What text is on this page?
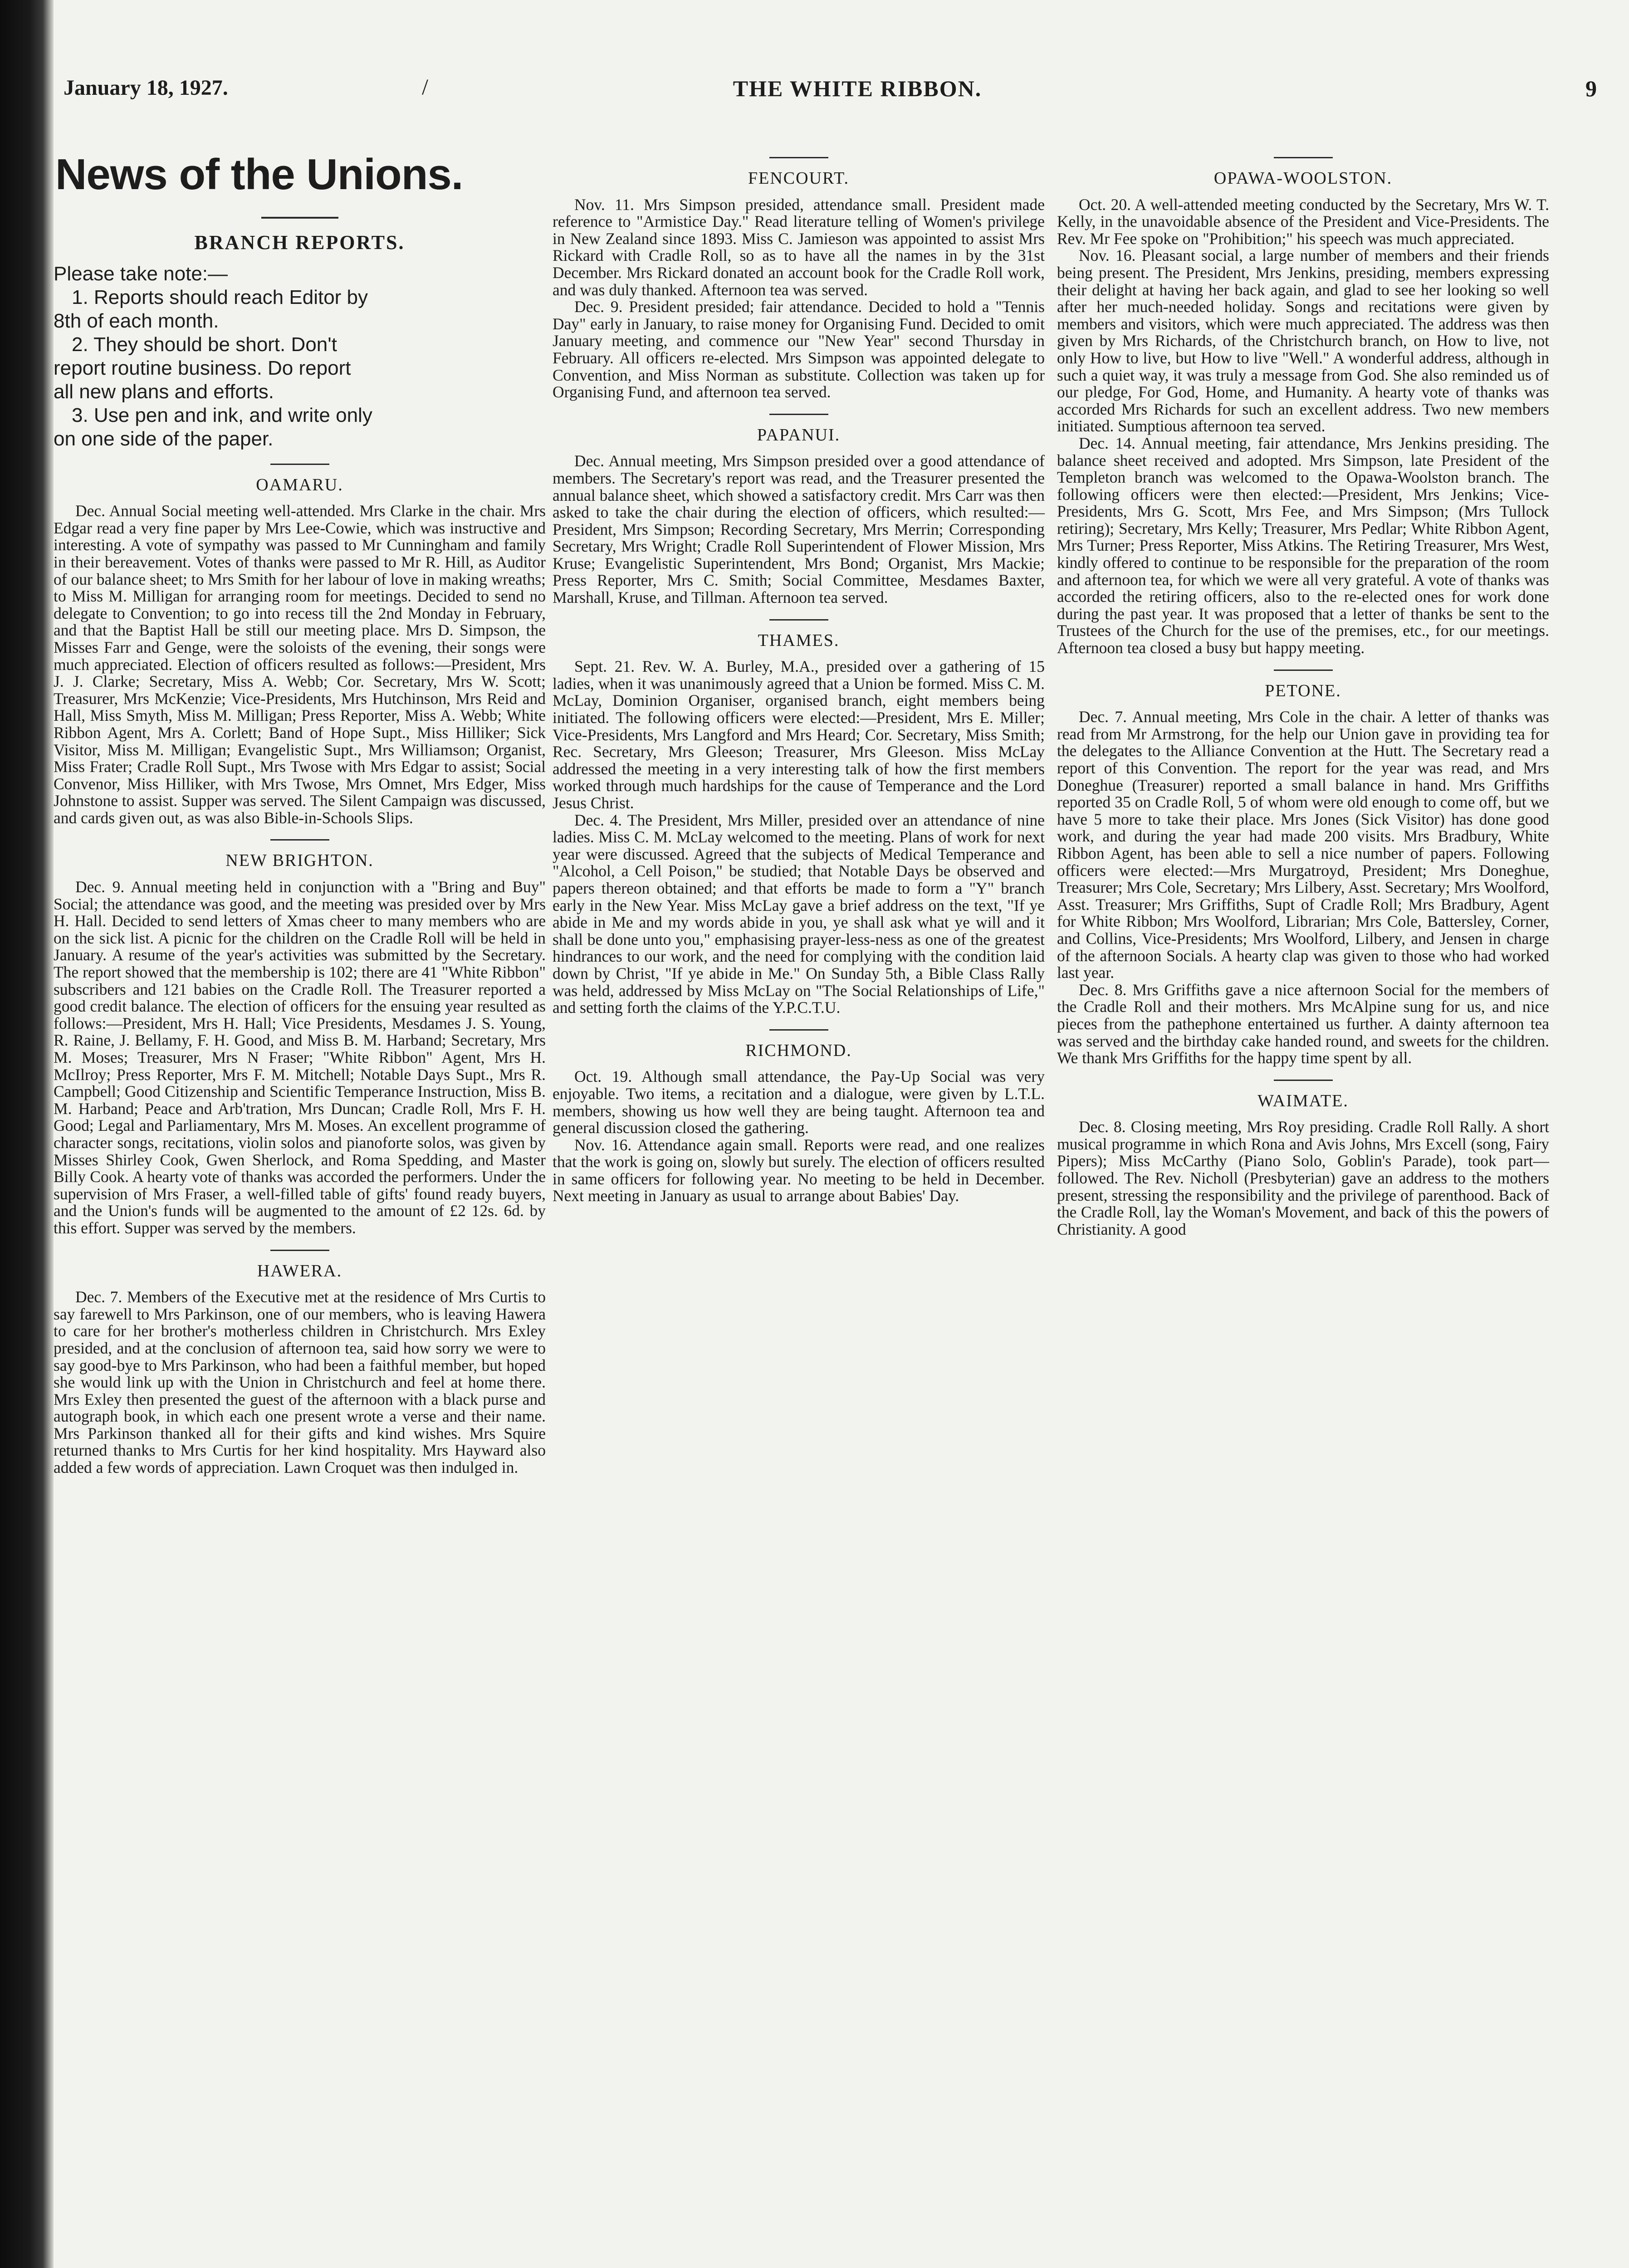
January 18, 1927.	/	THE WHITE RIBBON.	9
News of the Unions.
BRANCH REPORTS.
Please take note:—

1. Reports should reach Editor by
8th of each month.

2. They should be short. Don't
report routine business. Do report
all new plans and efforts.

3. Use pen and ink, and write only
on one side of the paper.

OAMARU.

Dec. Annual Social meeting well-attended. Mrs Clarke in the chair. Mrs Edgar read a very fine paper by Mrs Lee-Cowie, which was instructive and interesting. A vote of sympathy was passed to Mr Cunningham and family in their bereavement. Votes of thanks were passed to Mr R. Hill, as Auditor of our balance sheet; to Mrs Smith for her labour of love in making wreaths; to Miss M. Milligan for arranging room for meetings. Decided to send no delegate to Convention; to go into recess till the 2nd Monday in February, and that the Baptist Hall be still our meeting place. Mrs D. Simpson, the Misses Farr and Genge, were the soloists of the evening, their songs were much appreciated. Election of officers resulted as follows:—President, Mrs J. J. Clarke; Secretary, Miss A. Webb; Cor. Secretary, Mrs W. Scott; Treasurer, Mrs McKenzie; Vice-Presidents, Mrs Hutchinson, Mrs Reid and Hall, Miss Smyth, Miss M. Milligan; Press Reporter, Miss A. Webb; White Ribbon Agent, Mrs A. Corlett; Band of Hope Supt., Miss Hilliker; Sick Visitor, Miss M. Milligan; Evangelistic Supt., Mrs Williamson; Organist, Miss Frater; Cradle Roll Supt., Mrs Twose with Mrs Edgar to assist; Social Convenor, Miss Hilliker, with Mrs Twose, Mrs Omnet, Mrs Edger, Miss Johnstone to assist. Supper was served. The Silent Campaign was discussed, and cards given out, as was also Bible-in-Schools Slips.

NEW BRIGHTON.

Dec. 9. Annual meeting held in conjunction with a "Bring and Buy" Social; the attendance was good, and the meeting was presided over by Mrs H. Hall. Decided to send letters of Xmas cheer to many members who are on the sick list. A picnic for the children on the Cradle Roll will be held in January. A resume of the year's activities was submitted by the Secretary. The report showed that the membership is 102; there are 41 "White Ribbon" subscribers and 121 babies on the Cradle Roll. The Treasurer reported a good credit balance. The election of officers for the ensuing year resulted as follows:—President, Mrs H. Hall; Vice Presidents, Mesdames J. S. Young, R. Raine, J. Bellamy, F. H. Good, and Miss B. M. Harband; Secretary, Mrs M. Moses; Treasurer, Mrs N Fraser; "White Ribbon" Agent, Mrs H. McIlroy; Press Reporter, Mrs F. M. Mitchell; Notable Days Supt., Mrs R. Campbell; Good Citizenship and Scientific Temperance Instruction, Miss B. M. Harband; Peace and Arb'tration, Mrs Duncan; Cradle Roll, Mrs F. H. Good; Legal and Parliamentary, Mrs M. Moses. An excellent programme of character songs, recitations, violin solos and pianoforte solos, was given by Misses Shirley Cook, Gwen Sherlock, and Roma Spedding, and Master Billy Cook. A hearty vote of thanks was accorded the performers. Under the supervision of Mrs Fraser, a well-filled table of gifts' found ready buyers, and the Union's funds will be augmented to the amount of £2 12s. 6d. by this effort. Supper was served by the members.

HAWERA.

Dec. 7. Members of the Executive met at the residence of Mrs Curtis to say farewell to Mrs Parkinson, one of our members, who is leaving Hawera to care for her brother's motherless children in Christchurch. Mrs Exley presided, and at the conclusion of afternoon tea, said how sorry we were to say good-bye to Mrs Parkinson, who had been a faithful member, but hoped she would link up with the Union in Christchurch and feel at home there. Mrs Exley then presented the guest of the afternoon with a black purse and autograph book, in which each one present wrote a verse and their name. Mrs Parkinson thanked all for their gifts and kind wishes. Mrs Squire returned thanks to Mrs Curtis for her kind hospitality. Mrs Hayward also added a few words of appreciation. Lawn Croquet was then indulged in.

FENCOURT.

Nov. 11. Mrs Simpson presided, attendance small. President made reference to "Armistice Day." Read literature telling of Women's privilege in New Zealand since 1893. Miss C. Jamieson was appointed to assist Mrs Rickard with Cradle Roll, so as to have all the names in by the 31st December. Mrs Rickard donated an account book for the Cradle Roll work, and was duly thanked. Afternoon tea was served.

Dec. 9. President presided; fair attendance. Decided to hold a "Tennis Day" early in January, to raise money for Organising Fund. Decided to omit January meeting, and commence our "New Year" second Thursday in February. All officers re-elected. Mrs Simpson was appointed delegate to Convention, and Miss Norman as substitute. Collection was taken up for Organising Fund, and afternoon tea served.

PAPANUI.

Dec. Annual meeting, Mrs Simpson presided over a good attendance of members. The Secretary's report was read, and the Treasurer presented the annual balance sheet, which showed a satisfactory credit. Mrs Carr was then asked to take the chair during the election of officers, which resulted:—President, Mrs Simpson; Recording Secretary, Mrs Merrin; Corresponding Secretary, Mrs Wright; Cradle Roll Superintendent of Flower Mission, Mrs Kruse; Evangelistic Superintendent, Mrs Bond; Organist, Mrs Mackie; Press Reporter, Mrs C. Smith; Social Committee, Mesdames Baxter, Marshall, Kruse, and Tillman. Afternoon tea served.

THAMES.

Sept. 21. Rev. W. A. Burley, M.A., presided over a gathering of 15 ladies, when it was unanimously agreed that a Union be formed. Miss C. M. McLay, Dominion Organiser, organised branch, eight members being initiated. The following officers were elected:—President, Mrs E. Miller; Vice-Presidents, Mrs Langford and Mrs Heard; Cor. Secretary, Miss Smith; Rec. Secretary, Mrs Gleeson; Treasurer, Mrs Gleeson. Miss McLay addressed the meeting in a very interesting talk of how the first members worked through much hardships for the cause of Temperance and the Lord Jesus Christ.

Dec. 4. The President, Mrs Miller, presided over an attendance of nine ladies. Miss C. M. McLay welcomed to the meeting. Plans of work for next year were discussed. Agreed that the subjects of Medical Temperance and "Alcohol, a Cell Poison," be studied; that Notable Days be observed and papers thereon obtained; and that efforts be made to form a "Y" branch early in the New Year. Miss McLay gave a brief address on the text, "If ye abide in Me and my words abide in you, ye shall ask what ye will and it shall be done unto you," emphasising prayer-less-ness as one of the greatest hindrances to our work, and the need for complying with the condition laid down by Christ, "If ye abide in Me." On Sunday 5th, a Bible Class Rally was held, addressed by Miss McLay on "The Social Relationships of Life," and setting forth the claims of the Y.P.C.T.U.

RICHMOND.

Oct. 19. Although small attendance, the Pay-Up Social was very enjoyable. Two items, a recitation and a dialogue, were given by L.T.L. members, showing us how well they are being taught. Afternoon tea and general discussion closed the gathering.

Nov. 16. Attendance again small. Reports were read, and one realizes that the work is going on, slowly but surely. The election of officers resulted in same officers for following year. No meeting to be held in December. Next meeting in January as usual to arrange about Babies' Day.

OPAWA-WOOLSTON.

Oct. 20. A well-attended meeting conducted by the Secretary, Mrs W. T. Kelly, in the unavoidable absence of the President and Vice-Presidents. The Rev. Mr Fee spoke on "Prohibition;" his speech was much appreciated.

Nov. 16. Pleasant social, a large number of members and their friends being present. The President, Mrs Jenkins, presiding, members expressing their delight at having her back again, and glad to see her looking so well after her much-needed holiday. Songs and recitations were given by members and visitors, which were much appreciated. The address was then given by Mrs Richards, of the Christchurch branch, on How to live, not only How to live, but How to live "Well." A wonderful address, although in such a quiet way, it was truly a message from God. She also reminded us of our pledge, For God, Home, and Humanity. A hearty vote of thanks was accorded Mrs Richards for such an excellent address. Two new members initiated. Sumptious afternoon tea served.

Dec. 14. Annual meeting, fair attendance, Mrs Jenkins presiding. The balance sheet received and adopted. Mrs Simpson, late President of the Templeton branch was welcomed to the Opawa-Woolston branch. The following officers were then elected:—President, Mrs Jenkins; Vice-Presidents, Mrs G. Scott, Mrs Fee, and Mrs Simpson; (Mrs Tullock retiring); Secretary, Mrs Kelly; Treasurer, Mrs Pedlar; White Ribbon Agent, Mrs Turner; Press Reporter, Miss Atkins. The Retiring Treasurer, Mrs West, kindly offered to continue to be responsible for the preparation of the room and afternoon tea, for which we were all very grateful. A vote of thanks was accorded the retiring officers, also to the re-elected ones for work done during the past year. It was proposed that a letter of thanks be sent to the Trustees of the Church for the use of the premises, etc., for our meetings. Afternoon tea closed a busy but happy meeting.

PETONE.

Dec. 7. Annual meeting, Mrs Cole in the chair. A letter of thanks was read from Mr Armstrong, for the help our Union gave in providing tea for the delegates to the Alliance Convention at the Hutt. The Secretary read a report of this Convention. The report for the year was read, and Mrs Doneghue (Treasurer) reported a small balance in hand. Mrs Griffiths reported 35 on Cradle Roll, 5 of whom were old enough to come off, but we have 5 more to take their place. Mrs Jones (Sick Visitor) has done good work, and during the year had made 200 visits. Mrs Bradbury, White Ribbon Agent, has been able to sell a nice number of papers. Following officers were elected:—Mrs Murgatroyd, President; Mrs Doneghue, Treasurer; Mrs Cole, Secretary; Mrs Lilbery, Asst. Secretary; Mrs Woolford, Asst. Treasurer; Mrs Griffiths, Supt of Cradle Roll; Mrs Bradbury, Agent for White Ribbon; Mrs Woolford, Librarian; Mrs Cole, Battersley, Corner, and Collins, Vice-Presidents; Mrs Woolford, Lilbery, and Jensen in charge of the afternoon Socials. A hearty clap was given to those who had worked last year.

Dec. 8. Mrs Griffiths gave a nice afternoon Social for the members of the Cradle Roll and their mothers. Mrs McAlpine sung for us, and nice pieces from the pathephone entertained us further. A dainty afternoon tea was served and the birthday cake handed round, and sweets for the children. We thank Mrs Griffiths for the happy time spent by all.

WAIMATE.

Dec. 8. Closing meeting, Mrs Roy presiding. Cradle Roll Rally. A short musical programme in which Rona and Avis Johns, Mrs Excell (song, Fairy Pipers); Miss McCarthy (Piano Solo, Goblin's Parade), took part—followed. The Rev. Nicholl (Presbyterian) gave an address to the mothers present, stressing the responsibility and the privilege of parenthood. Back of the Cradle Roll, lay the Woman's Movement, and back of this the powers of Christianity. A good
